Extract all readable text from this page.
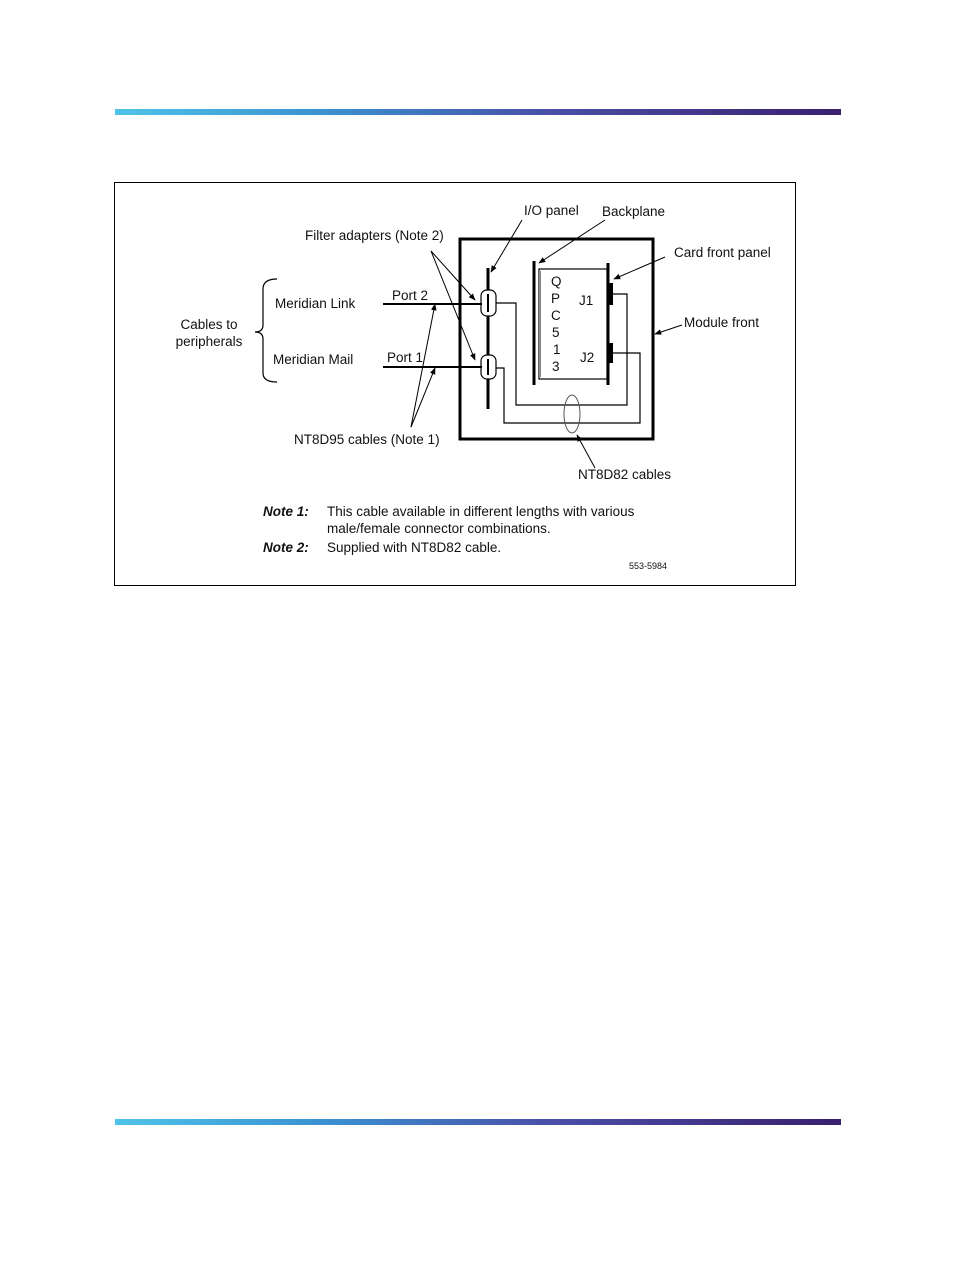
I/O panel Backplane
Filter adapters (Note 2)
Card front panel
Module front
Cables to
peripherals
Meridian Link
Meridian Mail
Port 2
Port 1
Q
P
C
5
1
3
J1
J2
NT8D95 cables (Note 1)
NT8D82 cables
Note 1: This cable available in different lengths with various
male/female connector combinations.
Note 2: Supplied with NT8D82 cable.
553-5984
